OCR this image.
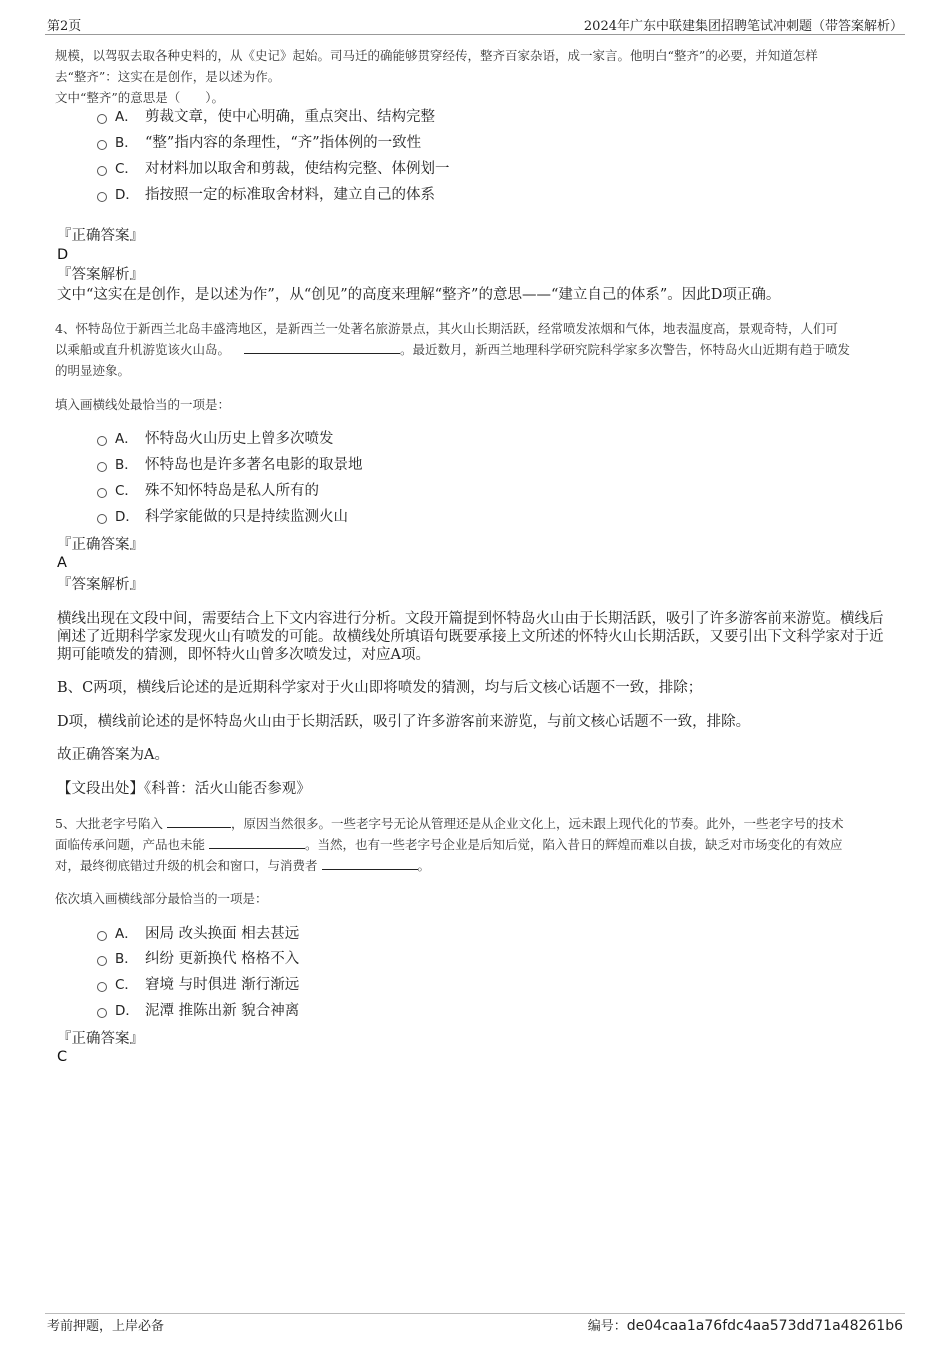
第2页	2024年广东中联建集团招聘笔试冲刺题（带答案解析）
规模，以驾驭去取各种史料的，从《史记》起始。司马迁的确能够贯穿经传，整齐百家杂语，成一家言。他明白“整齐”的必要，并知道怎样
去“整齐”：这实在是创作，是以述为作。
文中“整齐”的意思是（　　）。
A． 剪裁文章，使中心明确，重点突出、结构完整
B． “整”指内容的条理性，“齐”指体例的一致性
C． 对材料加以取舍和剪裁，使结构完整、体例划一
D． 指按照一定的标准取舍材料，建立自己的体系
『正确答案』
D
『答案解析』
文中“这实在是创作，是以述为作”，从“创见”的高度来理解“整齐”的意思——“建立自己的体系”。因此D项正确。
4、怀特岛位于新西兰北岛丰盛湾地区，是新西兰一处著名旅游景点，其火山长期活跃，经常喷发浓烟和气体，地表温度高，景观奇特，人们可
以乘船或直升机游览该火山岛。	。最近数月，新西兰地理科学研究院科学家多次警告，怀特岛火山近期有趋于喷发
的明显迹象。
填入画横线处最恰当的一项是：
A． 怀特岛火山历史上曾多次喷发
B． 怀特岛也是许多著名电影的取景地
C． 殊不知怀特岛是私人所有的
D． 科学家能做的只是持续监测火山
『正确答案』
A
『答案解析』
横线出现在文段中间，需要结合上下文内容进行分析。文段开篇提到怀特岛火山由于长期活跃，吸引了许多游客前来游览。横线后阐述了近期科学家发现火山有喷发的可能。故横线处所填语句既要承接上文所述的怀特火山长期活跃，又要引出下文科学家对于近期可能喷发的猜测，即怀特火山曾多次喷发过，对应A项。
B、C两项，横线后论述的是近期科学家对于火山即将喷发的猜测，均与后文核心话题不一致，排除；
D项，横线前论述的是怀特岛火山由于长期活跃，吸引了许多游客前来游览，与前文核心话题不一致，排除。
故正确答案为A。
【文段出处】《科普：活火山能否参观》
5、大批老字号陷入	，原因当然很多。一些老字号无论从管理还是从企业文化上，远未跟上现代化的节奏。此外，一些老字号的技术
面临传承问题，产品也未能	。当然，也有一些老字号企业是后知后觉，陷入昔日的辉煌而难以自拔，缺乏对市场变化的有效应
对，最终彻底错过升级的机会和窗口，与消费者	。
依次填入画横线部分最恰当的一项是：
A． 困局 改头换面 相去甚远
B． 纠纷 更新换代 格格不入
C． 窘境 与时俱进 渐行渐远
D． 泥潭 推陈出新 貌合神离
『正确答案』
C
考前押题，上岸必备	编号：de04caa1a76fdc4aa573dd71a48261b6
